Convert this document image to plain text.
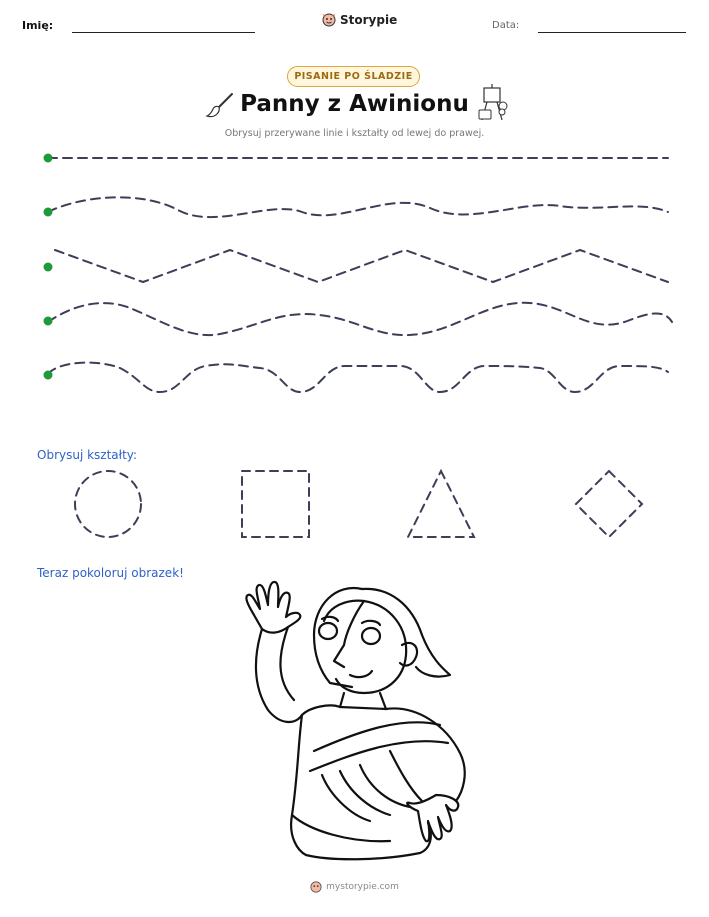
Imię:	Storypie	Data:
PISANIE PO ŚLADZIE
Panny z Awinionu
Obrysuj przerywane linie i kształty od lewej do prawej.
Obrysuj kształty:
Teraz pokoloruj obrazek!
mystorypie.com
